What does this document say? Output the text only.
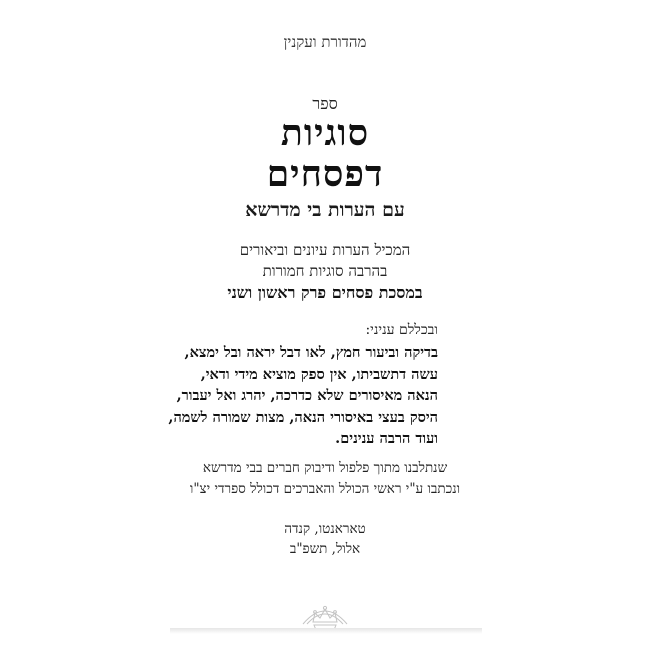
מהדורת ועקנין
ספר
סוגיות
דפסחים
עם הערות בי מדרשא
המכיל הערות עיונים וביאורים
בהרבה סוגיות חמורות
במסכת פסחים פרק ראשון ושני
ובכללם עניני:
בדיקה וביעור חמץ, לאו דבל יראה ובל ימצא,
עשה דתשביתו, אין ספק מוציא מידי ודאי,
הנאה מאיסורים שלא כדרכה, יהרג ואל יעבור,
היסק בעצי באיסורי הנאה, מצות שמורה לשמה,
ועוד הרבה ענינים.
שנתלבנו מתוך פלפול ודיבוק חברים בבי מדרשא
ונכתבו ע"י ראשי הכולל והאברכים דכולל ספרדי יצ"ו
טאראנטו, קנדה
אלול, תשפ"ב
